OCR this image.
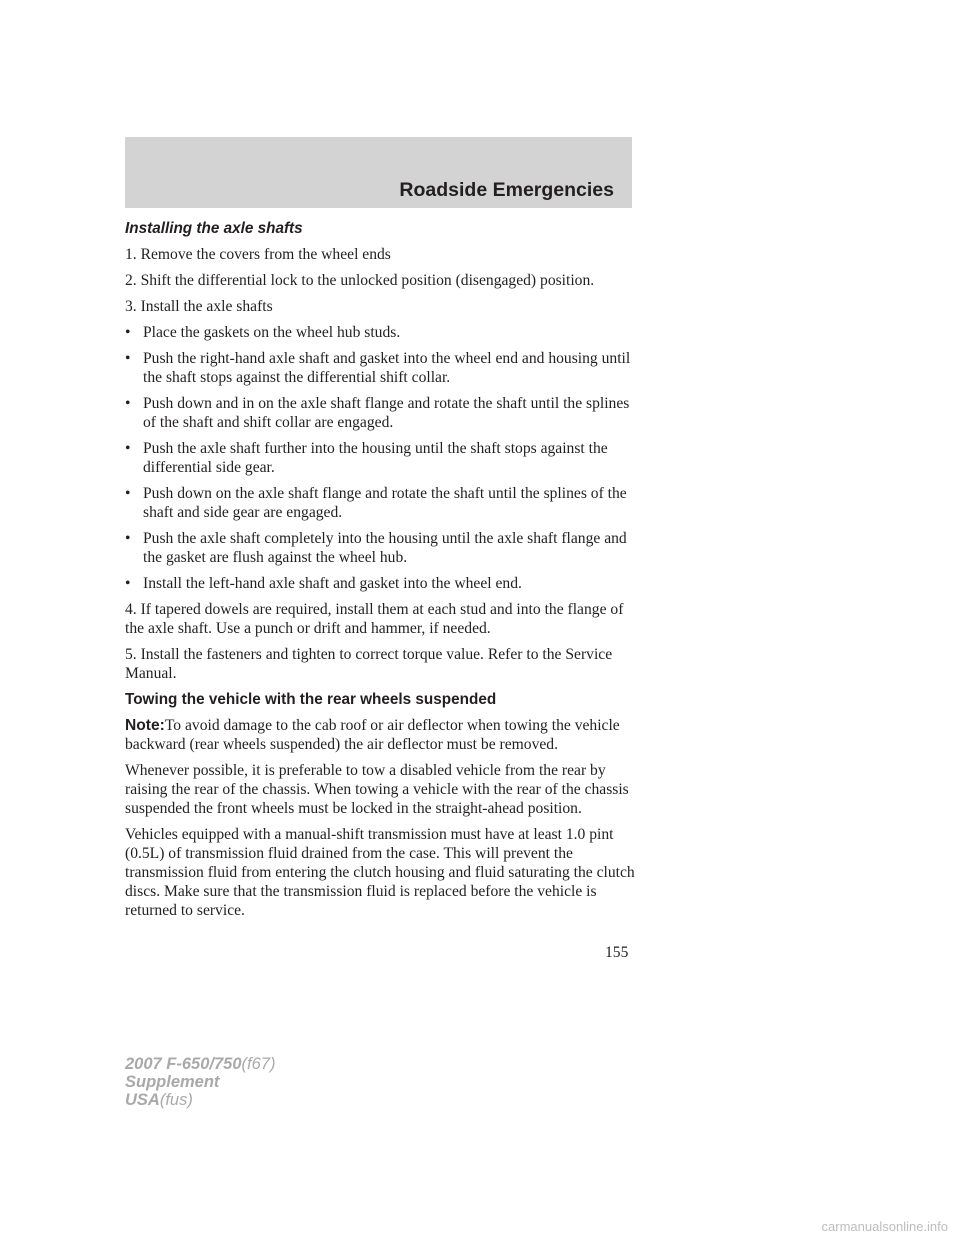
Roadside Emergencies

Installing the axle shafts

1. Remove the covers from the wheel ends

2. Shift the differential lock to the unlocked position (disengaged) position.

3. Install the axle shafts

• Place the gaskets on the wheel hub studs.
• Push the right-hand axle shaft and gasket into the wheel end and housing until the shaft stops against the differential shift collar.
• Push down and in on the axle shaft flange and rotate the shaft until the splines of the shaft and shift collar are engaged.
• Push the axle shaft further into the housing until the shaft stops against the differential side gear.
• Push down on the axle shaft flange and rotate the shaft until the splines of the shaft and side gear are engaged.
• Push the axle shaft completely into the housing until the axle shaft flange and the gasket are flush against the wheel hub.
• Install the left-hand axle shaft and gasket into the wheel end.

4. If tapered dowels are required, install them at each stud and into the flange of the axle shaft. Use a punch or drift and hammer, if needed.

5. Install the fasteners and tighten to correct torque value. Refer to the Service Manual.

Towing the vehicle with the rear wheels suspended

Note:To avoid damage to the cab roof or air deflector when towing the vehicle backward (rear wheels suspended) the air deflector must be removed.

Whenever possible, it is preferable to tow a disabled vehicle from the rear by raising the rear of the chassis. When towing a vehicle with the rear of the chassis suspended the front wheels must be locked in the straight-ahead position.

Vehicles equipped with a manual-shift transmission must have at least 1.0 pint (0.5L) of transmission fluid drained from the case. This will prevent the transmission fluid from entering the clutch housing and fluid saturating the clutch discs. Make sure that the transmission fluid is replaced before the vehicle is returned to service.

155
2007 F-650/750(f67)
Supplement
USA(fus)
carmanualsonline.info
